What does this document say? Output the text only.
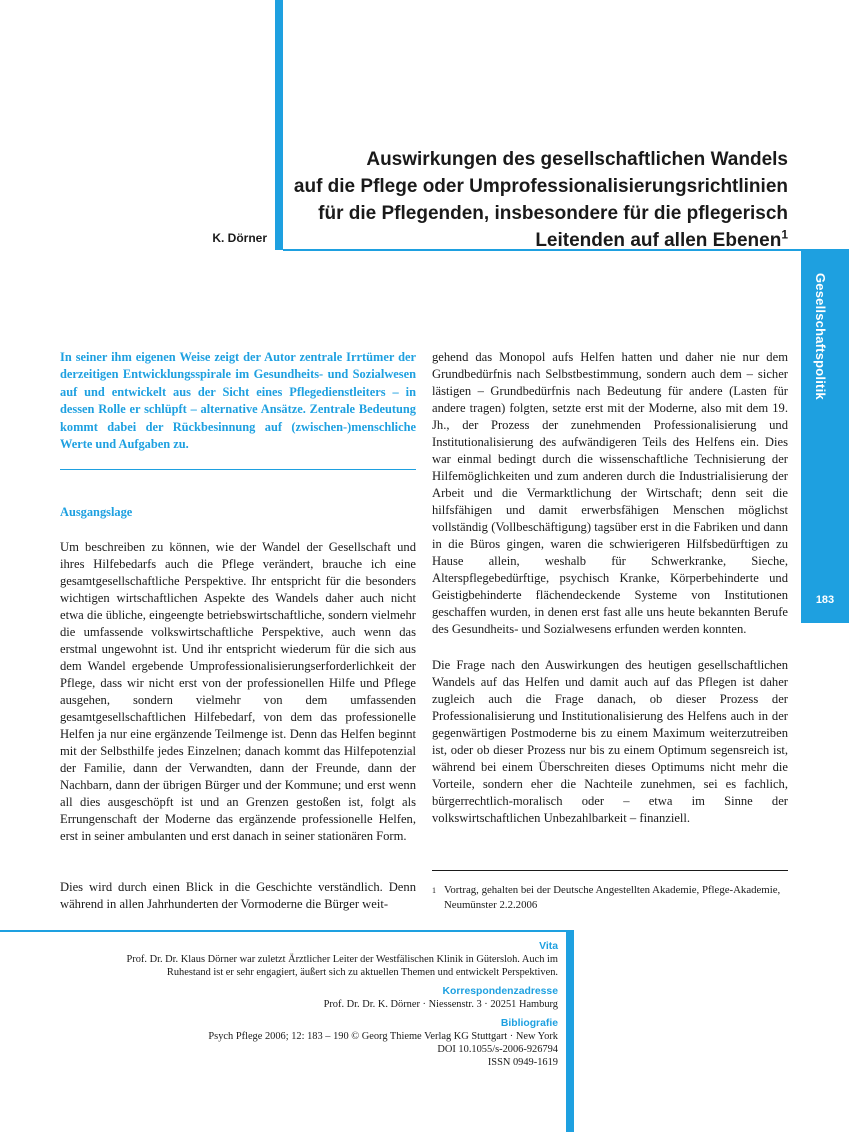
Auswirkungen des gesellschaftlichen Wandels
auf die Pflege oder Umprofessionalisierungsrichtlinien
für die Pflegenden, insbesondere für die pflegerisch
Leitenden auf allen Ebenen$^1$
K. Dörner
Gesellschaftspolitik
183
In seiner ihm eigenen Weise zeigt der Autor zentrale Irrtümer der derzeitigen Entwicklungsspirale im Gesundheits- und Sozialwesen auf und entwickelt aus der Sicht eines Pflegedienstleiters – in dessen Rolle er schlüpft – alternative Ansätze. Zentrale Bedeutung kommt dabei der Rückbesinnung auf (zwischen-)menschliche Werte und Aufgaben zu.
Ausgangslage

Um beschreiben zu können, wie der Wandel der Gesellschaft und ihres Hilfebedarfs auch die Pflege verändert, brauche ich eine gesamtgesellschaftliche Perspektive. Ihr entspricht für die besonders wichtigen wirtschaftlichen Aspekte des Wandels daher auch nicht etwa die übliche, eingeengte betriebswirtschaftliche, sondern vielmehr die umfassende volkswirtschaftliche Perspektive, auch wenn das erstmal ungewohnt ist. Und ihr entspricht wiederum für die sich aus dem Wandel ergebende Umprofessionalisierungserforderlichkeit der Pflege, dass wir nicht erst von der professionellen Hilfe und Pflege ausgehen, sondern vielmehr von dem umfassenden gesamtgesellschaftlichen Hilfebedarf, von dem das professionelle Helfen ja nur eine ergänzende Teilmenge ist. Denn das Helfen beginnt mit der Selbsthilfe jedes Einzelnen; danach kommt das Hilfepotenzial der Familie, dann der Verwandten, dann der Freunde, dann der Nachbarn, dann der übrigen Bürger und der Kommune; und erst wenn all dies ausgeschöpft ist und an Grenzen gestoßen ist, folgt als Errungenschaft der Moderne das ergänzende professionelle Helfen, erst in seiner ambulanten und erst danach in seiner stationären Form.

Dies wird durch einen Blick in die Geschichte verständlich. Denn während in allen Jahrhunderten der Vormoderne die Bürger weit-

gehend das Monopol aufs Helfen hatten und daher nie nur dem Grundbedürfnis nach Selbstbestimmung, sondern auch dem – sicher lästigen – Grundbedürfnis nach Bedeutung für andere (Lasten für andere tragen) folgten, setzte erst mit der Moderne, also mit dem 19. Jh., der Prozess der zunehmenden Professionalisierung und Institutionalisierung des aufwändigeren Teils des Helfens ein. Dies war einmal bedingt durch die wissenschaftliche Technisierung der Hilfemöglichkeiten und zum anderen durch die Industrialisierung der Arbeit und die Vermarktlichung der Wirtschaft; denn seit die hilfsfähigen und damit erwerbsfähigen Menschen möglichst vollständig (Vollbeschäftigung) tagsüber erst in die Fabriken und dann in die Büros gingen, waren die schwierigeren Hilfsbedürftigen zu Hause allein, weshalb für Schwerkranke, Sieche, Alterspflegebedürftige, psychisch Kranke, Körperbehinderte und Geistigbehinderte flächendeckende Systeme von Institutionen geschaffen wurden, in denen erst fast alle uns heute bekannten Berufe des Gesundheits- und Sozialwesens erfunden werden konnten.

Die Frage nach den Auswirkungen des heutigen gesellschaftlichen Wandels auf das Helfen und damit auch auf das Pflegen ist daher zugleich auch die Frage danach, ob dieser Prozess der Professionalisierung und Institutionalisierung des Helfens auch in der gegenwärtigen Postmoderne bis zu einem Maximum weiterzutreiben ist, oder ob dieser Prozess nur bis zu einem Optimum segensreich ist, während bei einem Überschreiten dieses Optimums nicht mehr die Vorteile, sondern eher die Nachteile zunehmen, sei es fachlich, bürgerrechtlich-moralisch oder – etwa im Sinne der volkswirtschaftlichen Unbezahlbarkeit – finanziell.

1 Vortrag, gehalten bei der Deutsche Angestellten Akademie, Pflege-Akademie, Neumünster 2.2.2006
Vita
Prof. Dr. Dr. Klaus Dörner war zuletzt Ärztlicher Leiter der Westfälischen Klinik in Gütersloh. Auch im
Ruhestand ist er sehr engagiert, äußert sich zu aktuellen Themen und entwickelt Perspektiven.
Korrespondenzadresse
Prof. Dr. Dr. K. Dörner · Niessenstr. 3 · 20251 Hamburg
Bibliografie
Psych Pflege 2006; 12: 183 – 190 © Georg Thieme Verlag KG Stuttgart · New York
DOI 10.1055/s-2006-926794
ISSN 0949-1619
